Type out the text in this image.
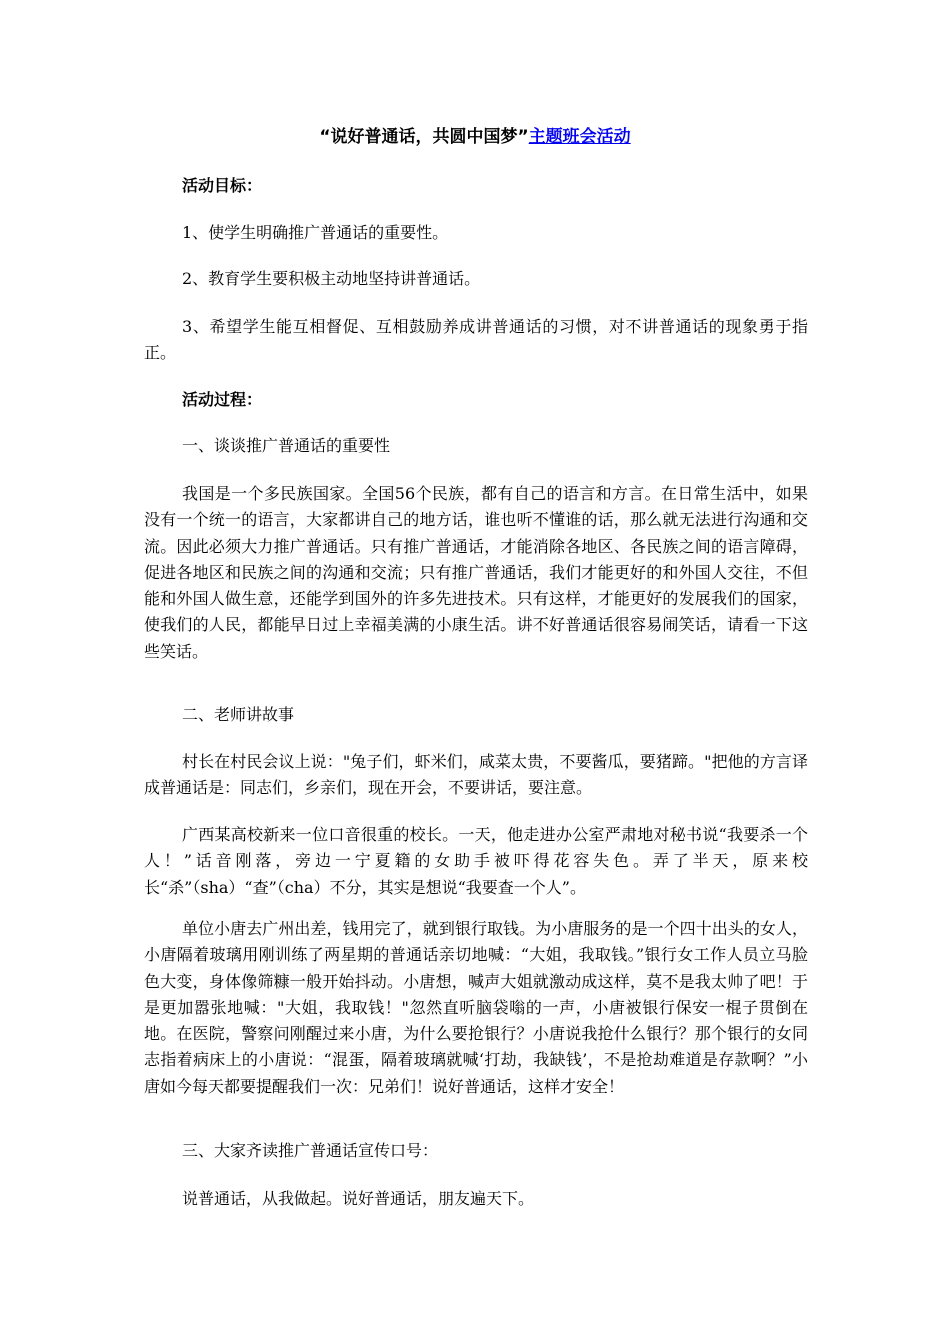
“说好普通话，共圆中国梦”主题班会活动

活动目标：

1、使学生明确推广普通话的重要性。

2、教育学生要积极主动地坚持讲普通话。

3、希望学生能互相督促、互相鼓励养成讲普通话的习惯，对不讲普通话的现象勇于指正。

活动过程：

一、谈谈推广普通话的重要性

我国是一个多民族国家。全国56个民族，都有自己的语言和方言。在日常生活中，如果没有一个统一的语言，大家都讲自己的地方话，谁也听不懂谁的话，那么就无法进行沟通和交流。因此必须大力推广普通话。只有推广普通话，才能消除各地区、各民族之间的语言障碍，促进各地区和民族之间的沟通和交流；只有推广普通话，我们才能更好的和外国人交往，不但能和外国人做生意，还能学到国外的许多先进技术。只有这样，才能更好的发展我们的国家，使我们的人民，都能早日过上幸福美满的小康生活。讲不好普通话很容易闹笑话，请看一下这些笑话。

二、老师讲故事

村长在村民会议上说："兔子们，虾米们，咸菜太贵，不要酱瓜，要猪蹄。"把他的方言译成普通话是：同志们，乡亲们，现在开会，不要讲话，要注意。

广西某高校新来一位口音很重的校长。一天，他走进办公室严肃地对秘书说“我要杀一个人！”话音刚落，旁边一宁夏籍的女助手被吓得花容失色。弄了半天，原来校长“杀”（sha）“查”（cha）不分，其实是想说“我要查一个人”。

单位小唐去广州出差，钱用完了，就到银行取钱。为小唐服务的是一个四十出头的女人，小唐隔着玻璃用刚训练了两星期的普通话亲切地喊：“大姐，我取钱。”银行女工作人员立马脸色大变，身体像筛糠一般开始抖动。小唐想，喊声大姐就激动成这样，莫不是我太帅了吧！于是更加嚣张地喊："大姐，我取钱！"忽然直听脑袋嗡的一声，小唐被银行保安一棍子贯倒在地。在医院，警察问刚醒过来小唐，为什么要抢银行？小唐说我抢什么银行？那个银行的女同志指着病床上的小唐说：“混蛋，隔着玻璃就喊‘打劫，我缺钱’，不是抢劫难道是存款啊？”小唐如今每天都要提醒我们一次：兄弟们！说好普通话，这样才安全！

三、大家齐读推广普通话宣传口号：

说普通话，从我做起。说好普通话，朋友遍天下。
